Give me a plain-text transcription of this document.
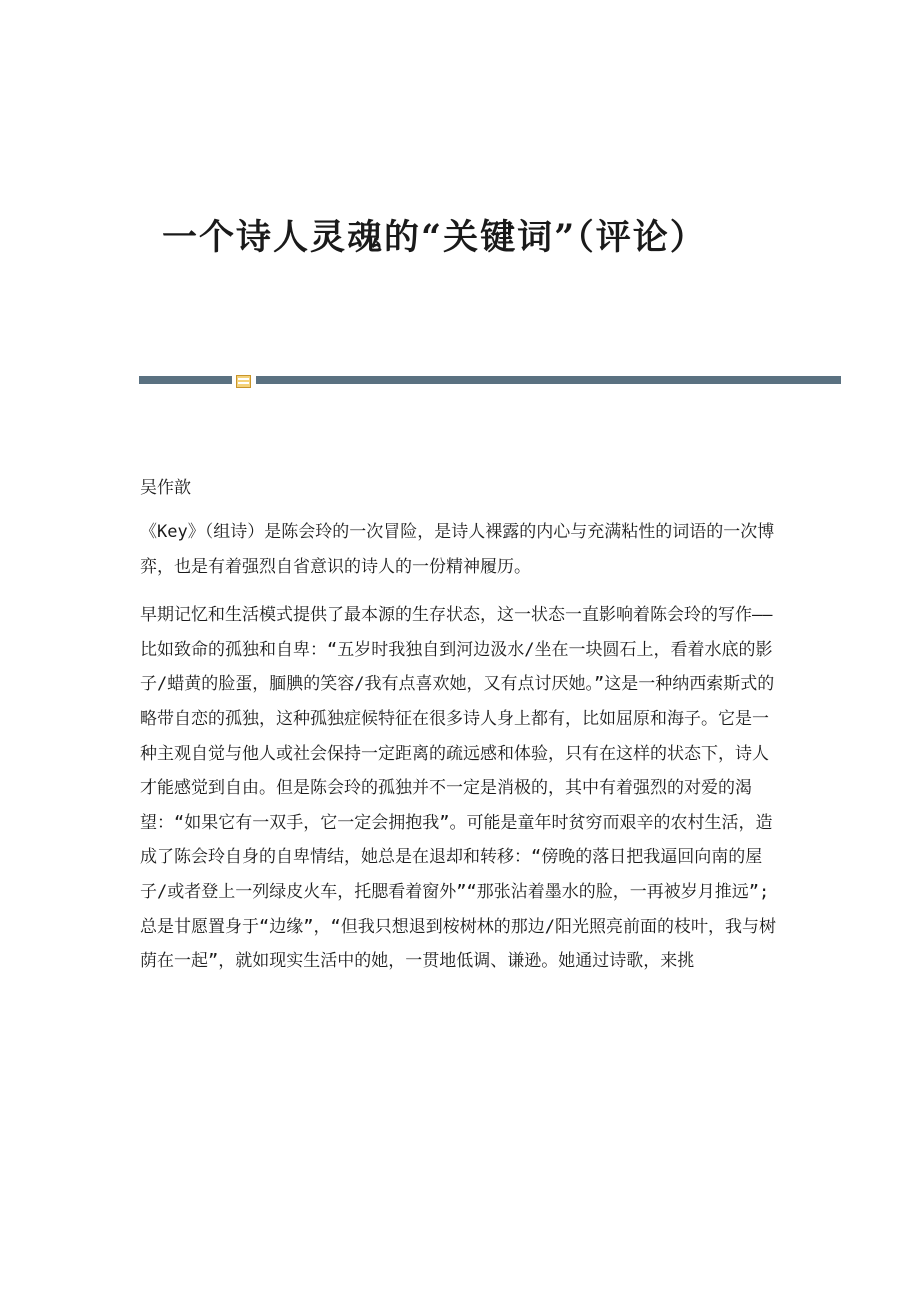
一个诗人灵魂的“关键词”（评论）
吴作歆

《Key》（组诗）是陈会玲的一次冒险，是诗人裸露的内心与充满粘性的词语的一次博弈，也是有着强烈自省意识的诗人的一份精神履历。

早期记忆和生活模式提供了最本源的生存状态，这一状态一直影响着陈会玲的写作——比如致命的孤独和自卑：“五岁时我独自到河边汲水/坐在一块圆石上，看着水底的影子/蜡黄的脸蛋，腼腆的笑容/我有点喜欢她，又有点讨厌她。”这是一种纳西索斯式的略带自恋的孤独，这种孤独症候特征在很多诗人身上都有，比如屈原和海子。它是一种主观自觉与他人或社会保持一定距离的疏远感和体验，只有在这样的状态下，诗人才能感觉到自由。但是陈会玲的孤独并不一定是消极的，其中有着强烈的对爱的渴望：“如果它有一双手，它一定会拥抱我”。可能是童年时贫穷而艰辛的农村生活，造成了陈会玲自身的自卑情结，她总是在退却和转移：“傍晚的落日把我逼回向南的屋子/或者登上一列绿皮火车，托腮看着窗外”“那张沾着墨水的脸，一再被岁月推远”;总是甘愿置身于“边缘”，“但我只想退到桉树林的那边/阳光照亮前面的枝叶，我与树荫在一起”，就如现实生活中的她，一贯地低调、谦逊。她通过诗歌，来挑
